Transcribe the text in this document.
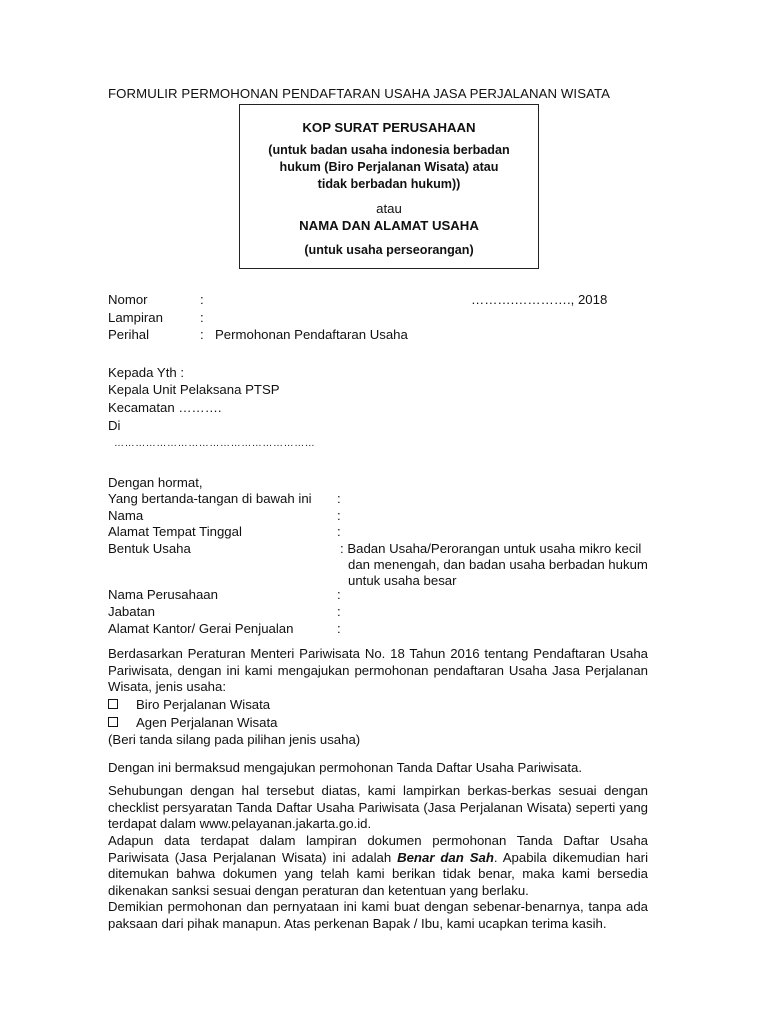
FORMULIR PERMOHONAN PENDAFTARAN USAHA JASA PERJALANAN WISATA
KOP SURAT PERUSAHAAN
(untuk badan usaha indonesia berbadan hukum (Biro Perjalanan Wisata) atau tidak berbadan hukum))
atau
NAMA DAN ALAMAT USAHA
(untuk usaha perseorangan)
Nomor	:	……….…………., 2018
Lampiran	:
Perihal	: Permohonan Pendaftaran Usaha
Kepada Yth :
Kepala Unit Pelaksana PTSP
Kecamatan ……….
Di
…………………………………………………
Dengan hormat,
Yang bertanda-tangan di bawah ini :
Nama	:
Alamat Tempat Tinggal	:
Bentuk Usaha	: Badan Usaha/Perorangan untuk usaha mikro kecil
dan menengah, dan badan usaha berbadan hukum
untuk usaha besar
Nama Perusahaan	:
Jabatan	:
Alamat Kantor/ Gerai Penjualan	:
Berdasarkan Peraturan Menteri Pariwisata No. 18 Tahun 2016 tentang Pendaftaran Usaha Pariwisata, dengan ini kami mengajukan permohonan pendaftaran Usaha Jasa Perjalanan Wisata, jenis usaha:
Biro Perjalanan Wisata
Agen Perjalanan Wisata
(Beri tanda silang pada pilihan jenis usaha)
Dengan ini bermaksud mengajukan permohonan Tanda Daftar Usaha Pariwisata.
Sehubungan dengan hal tersebut diatas, kami lampirkan berkas-berkas sesuai dengan checklist persyaratan Tanda Daftar Usaha Pariwisata (Jasa Perjalanan Wisata) seperti yang terdapat dalam www.pelayanan.jakarta.go.id.
Adapun data terdapat dalam lampiran dokumen permohonan Tanda Daftar Usaha Pariwisata (Jasa Perjalanan Wisata) ini adalah Benar dan Sah. Apabila dikemudian hari ditemukan bahwa dokumen yang telah kami berikan tidak benar, maka kami bersedia dikenakan sanksi sesuai dengan peraturan dan ketentuan yang berlaku.
Demikian permohonan dan pernyataan ini kami buat dengan sebenar-benarnya, tanpa ada paksaan dari pihak manapun. Atas perkenan Bapak / Ibu, kami ucapkan terima kasih.
